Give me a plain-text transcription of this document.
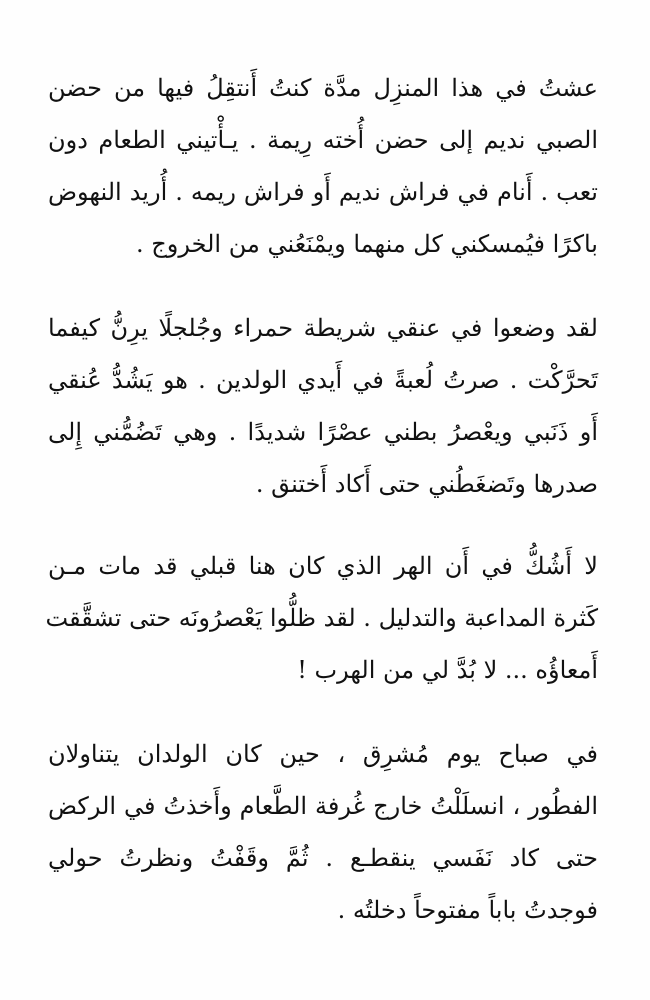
عشتُ في هذا المنزِل مدَّة كنتُ أَنتقِلُ فيها من حضن
الصبي نديم إلى حضن أُخته رِيمة . يـأْتيني الطعام دون
تعب . أَنام في فراش نديم أَو فراش ريمه . أُريد النهوض
باكرًا فيُمسكني كل منهما ويمْنَعُني من الخروج .
لقد وضعوا في عنقي شريطة حمراء وجُلجلًا يرِنُّ كيفما
تَحرَّكْت . صرتُ لُعبةً في أَيدي الولدين . هو يَشُدُّ عُنقي
أَو ذَنَبي ويعْصرُ بطني عصْرًا شديدًا . وهي تَضُمُّني إِلى
صدرها وتَضغَطُني حتى أَكاد أَختنق .
لا أَشُكُّ في أَن الهر الذي كان هنا قبلي قد مات مـن
كَثرة المداعبة والتدليل . لقد ظلُّوا يَعْصرُونَه حتى تشقَّقت
أَمعاؤُه ... لا بُدَّ لي من الهرب !
في صباح يوم مُشرِق ، حين كان الولدان يتناولان
الفطُور ، انسلَلْتُ خارج غُرفة الطَّعام وأَخذتُ في الركض
حتى كاد نَفَسي ينقطـع . ثُمَّ وقَفْتُ ونظرتُ حولي
فوجدتُ باباً مفتوحاً دخلتُه .
